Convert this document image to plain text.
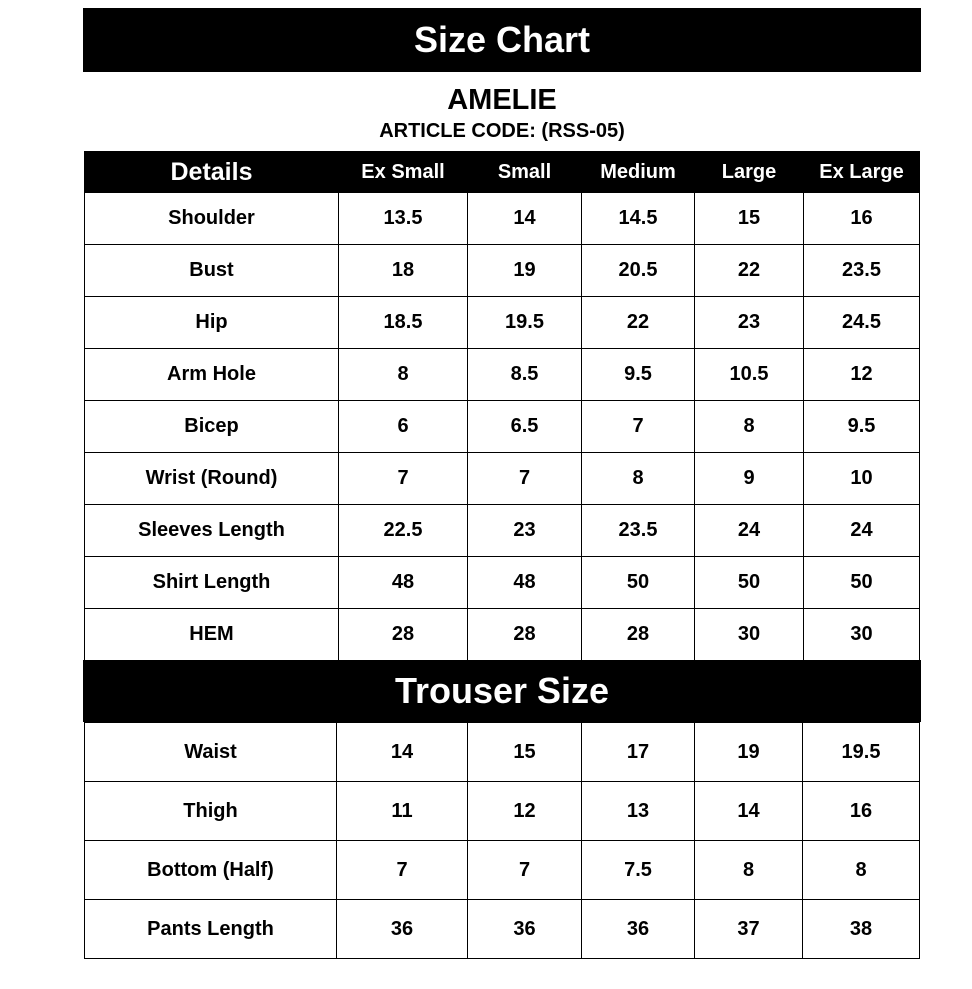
Size Chart
AMELIE
ARTICLE CODE: (RSS-05)
Details	Ex Small	Small	Medium	Large	Ex Large
Shoulder	13.5	14	14.5	15	16
Bust	18	19	20.5	22	23.5
Hip	18.5	19.5	22	23	24.5
Arm Hole	8	8.5	9.5	10.5	12
Bicep	6	6.5	7	8	9.5
Wrist (Round)	7	7	8	9	10
Sleeves Length	22.5	23	23.5	24	24
Shirt Length	48	48	50	50	50
HEM	28	28	28	30	30
Trouser Size
Waist	14	15	17	19	19.5
Thigh	11	12	13	14	16
Bottom (Half)	7	7	7.5	8	8
Pants Length	36	36	36	37	38
